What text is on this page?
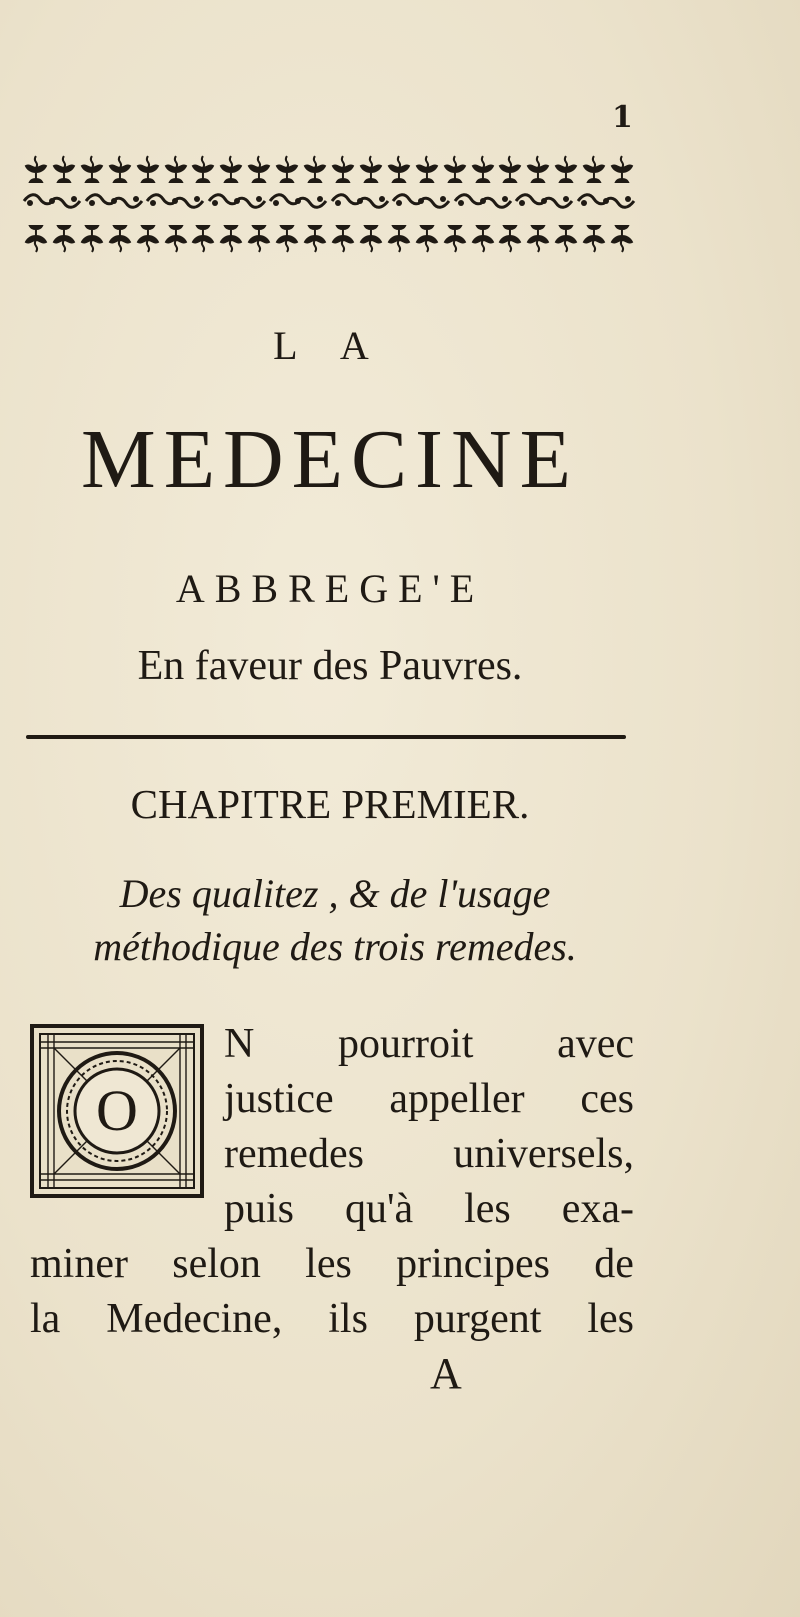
1
L A
MEDECINE
ABBREGE'E
En faveur des Pauvres.
CHAPITRE PREMIER.
Des qualitez , & de l'usage méthodique des trois remedes.
O
N pourroit avec
justice appeller ces
remedes universels,
puis qu'à les exa-
miner selon les principes de
la Medecine, ils purgent les
A
